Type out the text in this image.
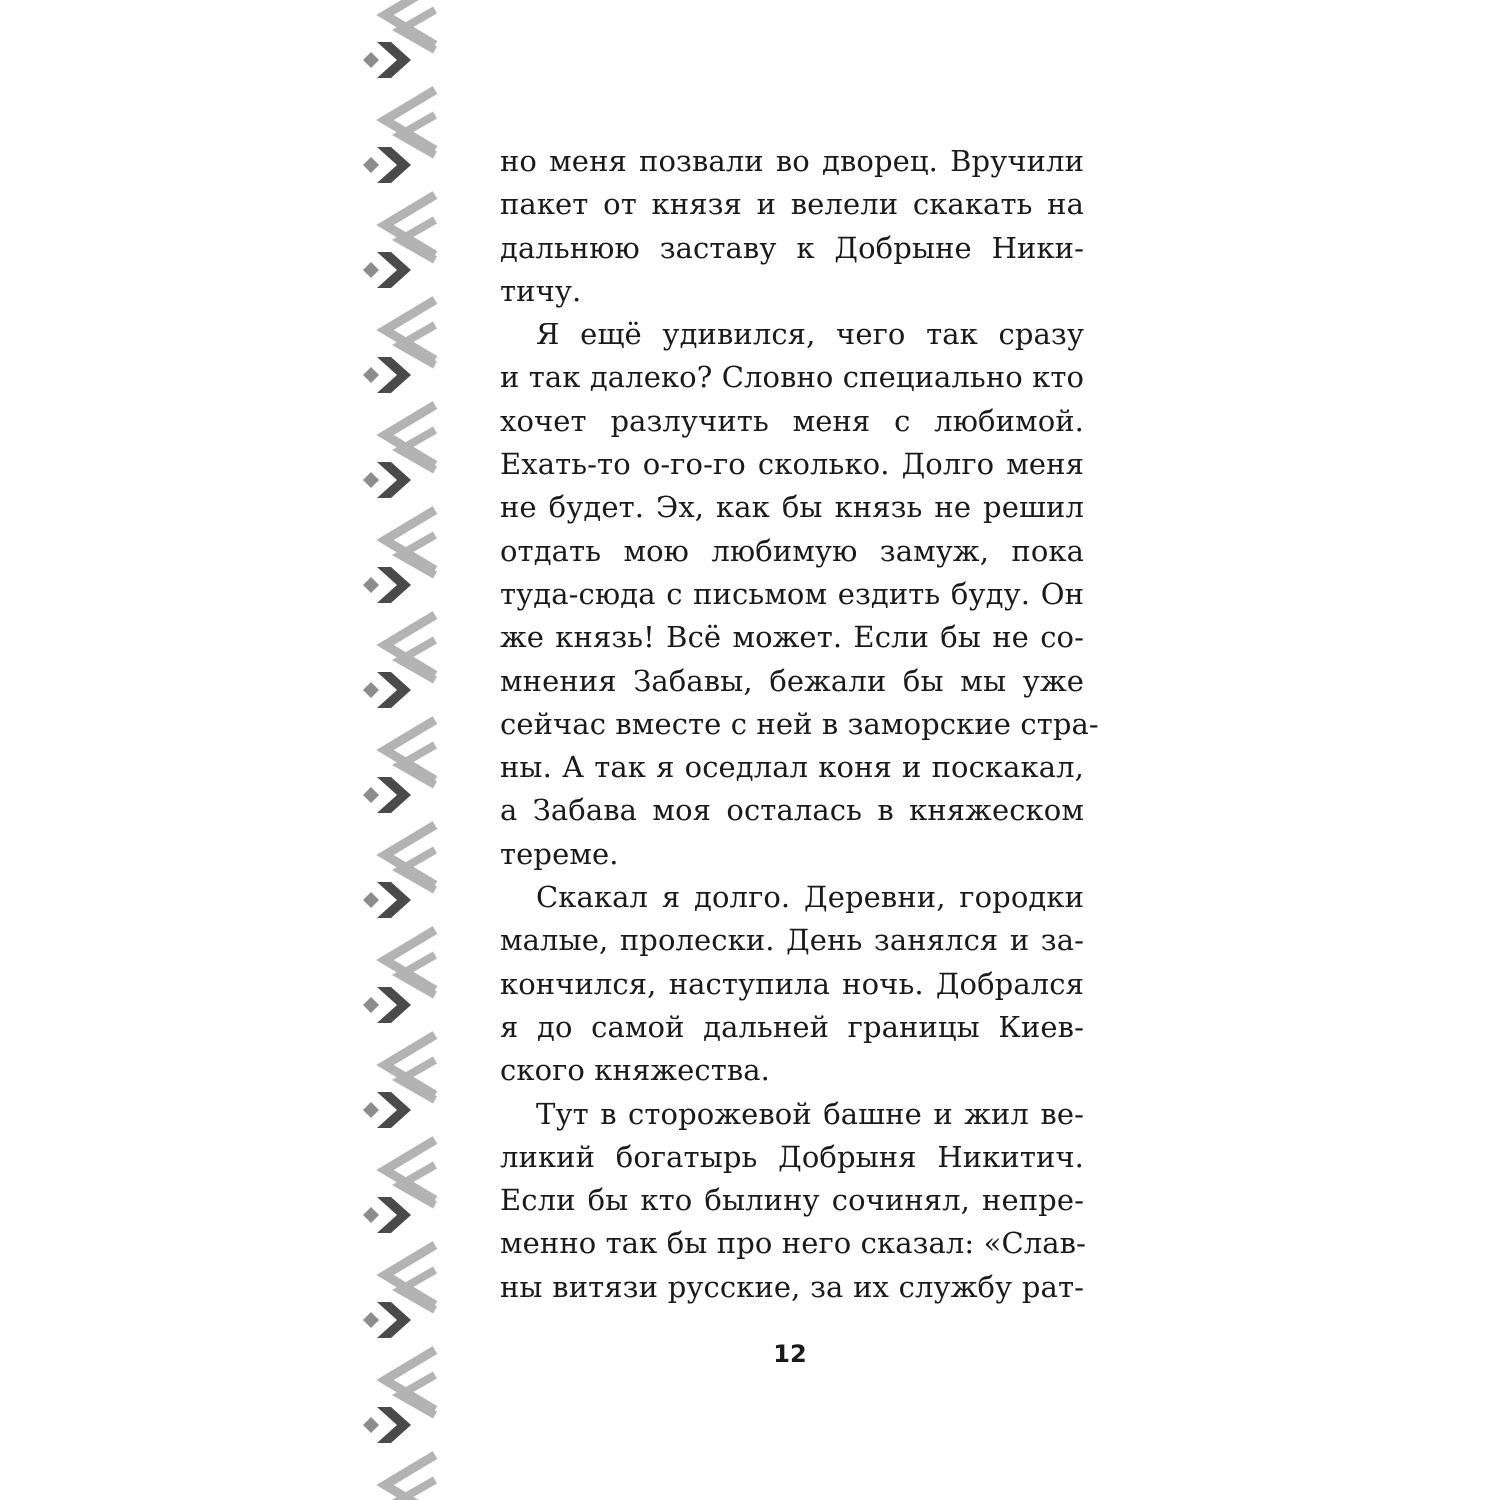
но меня позвали во дворец. Вручили
пакет от князя и велели скакать на
дальнюю заставу к Добрыне Ники-
тичу.
Я ещё удивился, чего так сразу
и так далеко? Словно специально кто
хочет разлучить меня с любимой.
Ехать-то о-го-го сколько. Долго меня
не будет. Эх, как бы князь не решил
отдать мою любимую замуж, пока
туда-сюда с письмом ездить буду. Он
же князь! Всё может. Если бы не со-
мнения Забавы, бежали бы мы уже
сейчас вместе с ней в заморские стра-
ны. А так я оседлал коня и поскакал,
а Забава моя осталась в княжеском
тереме.
Скакал я долго. Деревни, городки
малые, пролески. День занялся и за-
кончился, наступила ночь. Добрался
я до самой дальней границы Киев-
ского княжества.
Тут в сторожевой башне и жил ве-
ликий богатырь Добрыня Никитич.
Если бы кто былину сочинял, непре-
менно так бы про него сказал: «Слав-
ны витязи русские, за их службу рат-
12
